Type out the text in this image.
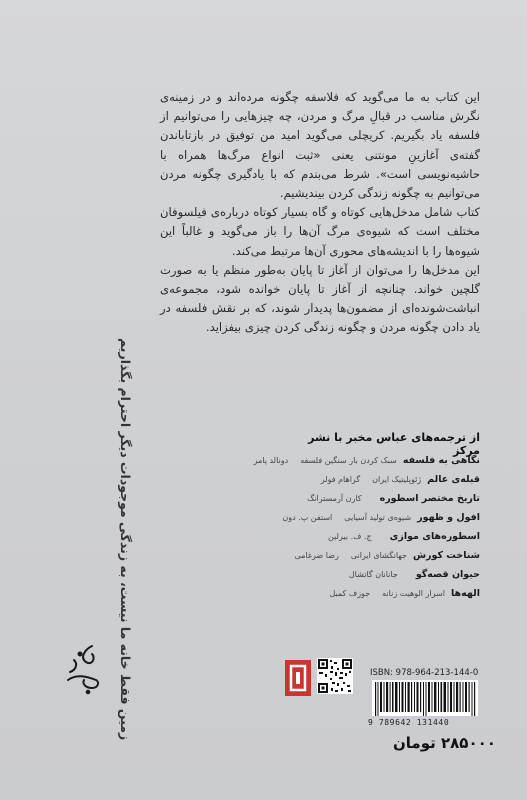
این کتاب به ما می‌گوید که فلاسفه چگونه مرده‌اند و در زمینه‌ی نگرش مناسب در قبالِ مرگ و مردن، چه چیزهایی را می‌توانیم از فلسفه یاد بگیریم. کریچلی می‌گوید امید من توفیق در بازتاباندن گفته‌ی آغازینِ مونتنی یعنی «ثبت انواع مرگ‌ها همراه با حاشیه‌نویسی است». شرط می‌بندم که با یادگیری چگونه مردن می‌توانیم به چگونه زندگی کردن بیندیشیم.

کتاب شامل مدخل‌هایی کوتاه و گاه بسیار کوتاه درباره‌ی فیلسوفان مختلف است که شیوه‌ی مرگ آن‌ها را باز می‌گوید و غالباً این شیوه‌ها را با اندیشه‌های محوری آن‌ها مرتبط می‌کند.

این مدخل‌ها را می‌توان از آغاز تا پایان به‌طور منظم یا به صورت گلچین خواند. چنانچه از آغاز تا پایان خوانده شود، مجموعه‌ی انباشت‌شونده‌ای از مضمون‌ها پدیدار شوند، که بر نقش فلسفه در یاد دادن چگونه مردن و چگونه زندگی کردن چیزی بیفزاید.

زمین فقط خانه ما نیست، به زندگی موجودات دیگر احترام بگذاریم	از ترجمه‌های عباس مخبر با نشر مرکز
نگاهی به فلسفه
سبک کردن بار سنگین فلسفه
دونالد پامر
قبله‌ی عالم
ژئوپلیتیک ایران
گراهام فولر
تاریخ مختصر اسطوره
کارن آرمسترانگ
افول و ظهور
شیوه‌ی تولید آسیایی
استفن پ. دون
اسطوره‌های موازی
ج. ف. بیرلین
شناخت کورش
جهانگشای ایرانی
رضا ضرغامی
حیوان قصه‌گو
جانانان گاتشال
الهه‌ها
اسرار الوهیت زنانه
جوزف کمبل
ISBN: 978-964-213-144-0
9 789642 131440
۲۸۵۰۰۰ تومان
